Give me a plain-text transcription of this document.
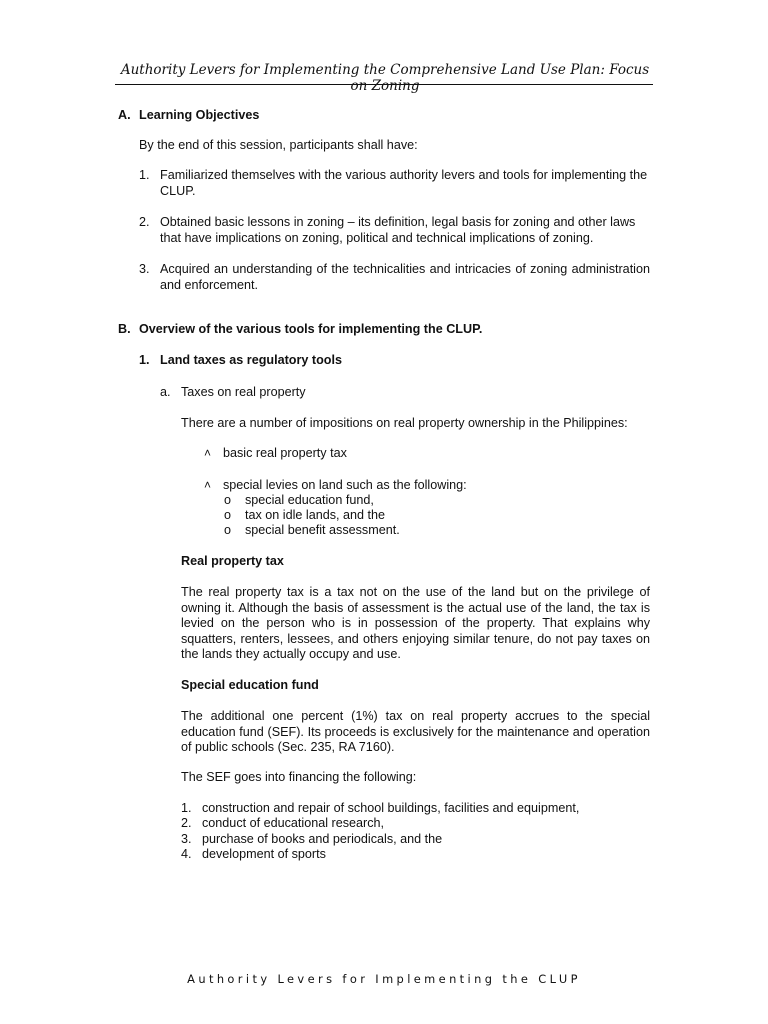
Authority Levers for Implementing the Comprehensive Land Use Plan: Focus on Zoning
A. Learning Objectives
By the end of this session, participants shall have:
1. Familiarized themselves with the various authority levers and tools for implementing the CLUP.
2. Obtained basic lessons in zoning – its definition, legal basis for zoning and other laws that have implications on zoning, political and technical implications of zoning.
3. Acquired an understanding of the technicalities and intricacies of zoning administration and enforcement.
B. Overview of the various tools for implementing the CLUP.
1. Land taxes as regulatory tools
a. Taxes on real property
There are a number of impositions on real property ownership in the Philippines:
˄ basic real property tax
˄ special levies on land such as the following:
o special education fund,
o tax on idle lands, and the
o special benefit assessment.
Real property tax
The real property tax is a tax not on the use of the land but on the privilege of owning it. Although the basis of assessment is the actual use of the land, the tax is levied on the person who is in possession of the property. That explains why squatters, renters, lessees, and others enjoying similar tenure, do not pay taxes on the lands they actually occupy and use.
Special education fund
The additional one percent (1%) tax on real property accrues to the special education fund (SEF). Its proceeds is exclusively for the maintenance and operation of public schools (Sec. 235, RA 7160).
The SEF goes into financing the following:
1. construction and repair of school buildings, facilities and equipment,
2. conduct of educational research,
3. purchase of books and periodicals, and the
4. development of sports
Authority Levers for Implementing the CLUP
